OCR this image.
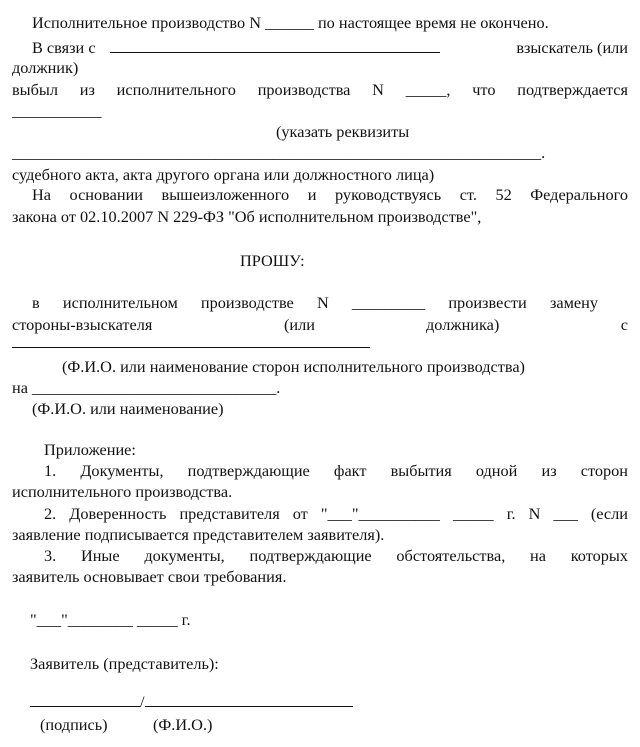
Исполнительное производство N ______ по настоящее время не окончено.
В связи с	взыскатель (или
должник)
выбыл из исполнительного производства N _____, что подтверждается
___________
(указать реквизиты
_________________________________________________________________.
судебного акта, акта другого органа или должностного лица)
На основании вышеизложенного и руководствуясь ст. 52 Федерального
закона от 02.10.2007 N 229-ФЗ "Об исполнительном производстве",
ПРОШУ:
в исполнительном производстве N _________ произвести замену
стороны-взыскателя	(или	должника)	с
(Ф.И.О. или наименование сторон исполнительного производства)
на ______________________________.
(Ф.И.О. или наименование)
Приложение:
1. Документы, подтверждающие факт выбытия одной из сторон
исполнительного производства.
2. Доверенность представителя от "___"__________ _____ г. N ___ (если
заявление подписывается представителем заявителя).
3. Иные документы, подтверждающие обстоятельства, на которых
заявитель основывает свои требования.
"___"________ _____ г.
Заявитель (представитель):
/
(подпись)	(Ф.И.О.)
